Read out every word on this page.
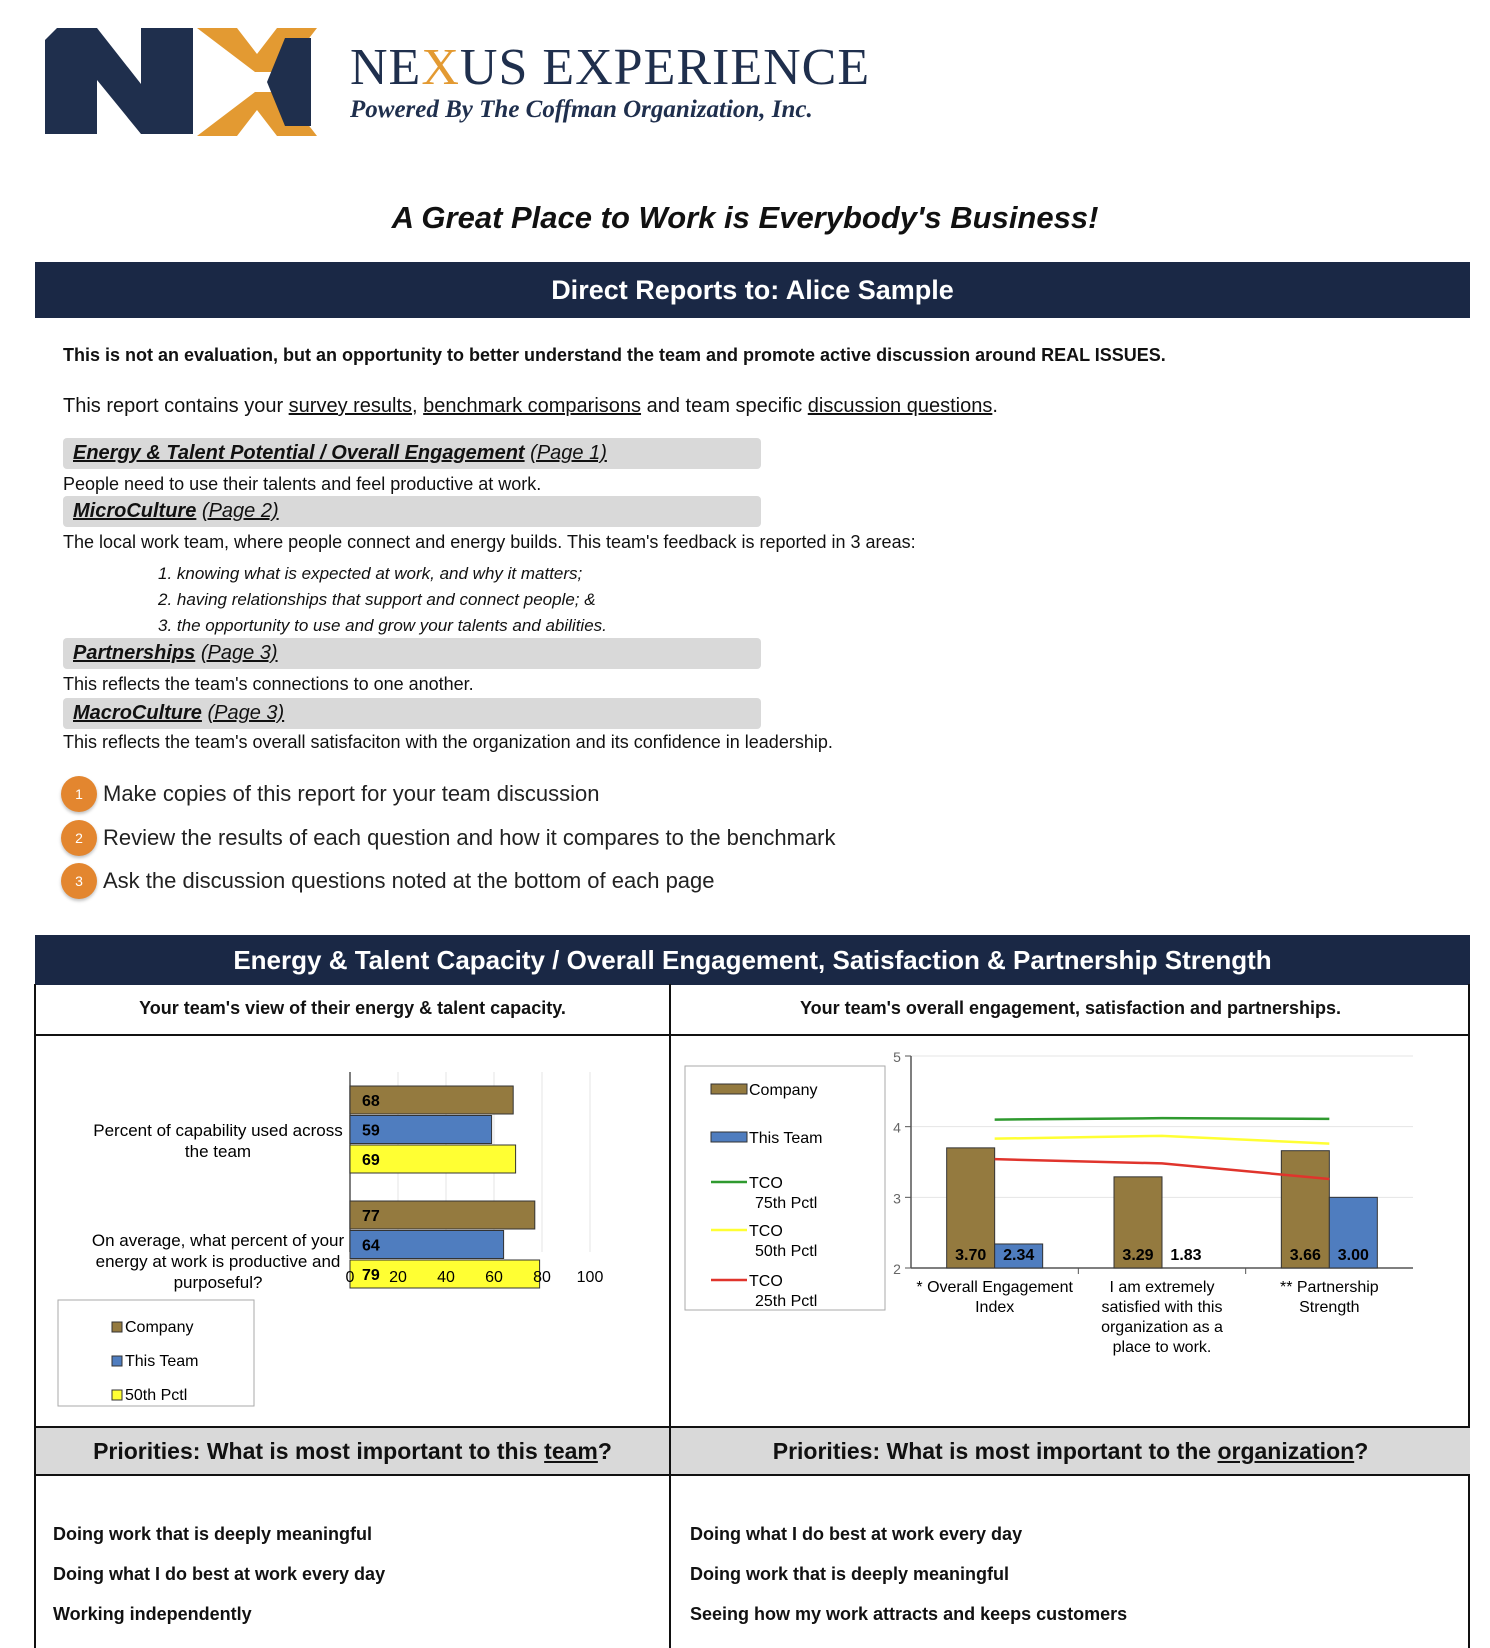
NEXUS EXPERIENCE
Powered By The Coffman Organization, Inc.
A Great Place to Work is Everybody's Business!
Direct Reports to: Alice Sample
This is not an evaluation, but an opportunity to better understand the team and promote active discussion around REAL ISSUES.
This report contains your survey results, benchmark comparisons and team specific discussion questions.
Energy & Talent Potential / Overall Engagement (Page 1)
People need to use their talents and feel productive at work.
MicroCulture (Page 2)
The local work team, where people connect and energy builds. This team's feedback is reported in 3 areas:
1. knowing what is expected at work, and why it matters;
2. having relationships that support and connect people; &
3. the opportunity to use and grow your talents and abilities.
Partnerships (Page 3)
This reflects the team's connections to one another.
MacroCulture (Page 3)
This reflects the team's overall satisfaciton with the organization and its confidence in leadership.
1 Make copies of this report for your team discussion
2 Review the results of each question and how it compares to the benchmark
3 Ask the discussion questions noted at the bottom of each page
Energy & Talent Capacity / Overall Engagement, Satisfaction & Partnership Strength
Your team's view of their energy & talent capacity.	Your team's overall engagement, satisfaction and partnerships.
Percent of capability used across the team
On average, what percent of your energy at work is productive and purposeful?
68
59
69
77
64
79
0 20 40 60 80 100
Company
This Team
50th Pctl
Company
This Team
TCO
75th Pctl
TCO
50th Pctl
TCO
25th Pctl
3.70 2.34	3.29 1.83	3.66 3.00
2
3
4
5
* Overall Engagement Index
I am extremely satisfied with this organization as a place to work.
** Partnership Strength
Priorities: What is most important to this team?	Priorities: What is most important to the organization?
Doing work that is deeply meaningful
Doing what I do best at work every day
Working independently
Doing what I do best at work every day
Doing work that is deeply meaningful
Seeing how my work attracts and keeps customers
